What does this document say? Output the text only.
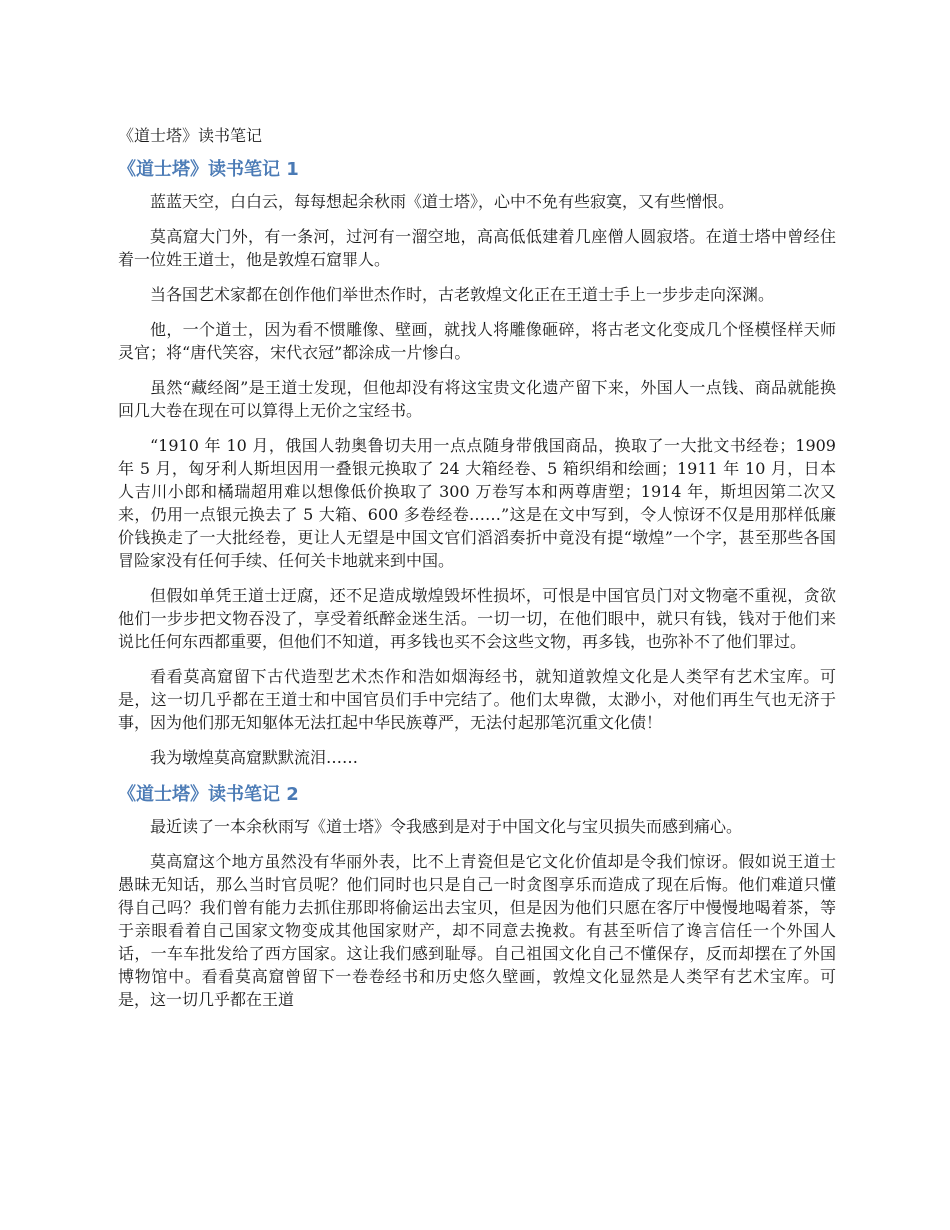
《道士塔》读书笔记
《道士塔》读书笔记 1

蓝蓝天空，白白云，每每想起余秋雨《道士塔》，心中不免有些寂寞，又有些憎恨。

莫高窟大门外，有一条河，过河有一溜空地，高高低低建着几座僧人圆寂塔。在道士塔中曾经住着一位姓王道士，他是敦煌石窟罪人。

当各国艺术家都在创作他们举世杰作时，古老敦煌文化正在王道士手上一步步走向深渊。

他，一个道士，因为看不惯雕像、壁画，就找人将雕像砸碎，将古老文化变成几个怪模怪样天师灵官；将“唐代笑容，宋代衣冠”都涂成一片惨白。

虽然“藏经阁”是王道士发现，但他却没有将这宝贵文化遗产留下来，外国人一点钱、商品就能换回几大卷在现在可以算得上无价之宝经书。

“1910 年 10 月，俄国人勃奥鲁切夫用一点点随身带俄国商品，换取了一大批文书经卷；1909 年 5 月，匈牙利人斯坦因用一叠银元换取了 24 大箱经卷、5 箱织绢和绘画；1911 年 10 月，日本人吉川小郎和橘瑞超用难以想像低价换取了 300 万卷写本和两尊唐塑；1914 年，斯坦因第二次又来，仍用一点银元换去了 5 大箱、600 多卷经卷……”这是在文中写到，令人惊讶不仅是用那样低廉价钱换走了一大批经卷，更让人无望是中国文官们滔滔奏折中竟没有提“墩煌”一个字，甚至那些各国冒险家没有任何手续、任何关卡地就来到中国。

但假如单凭王道士迂腐，还不足造成墩煌毁坏性损坏，可恨是中国官员门对文物毫不重视，贪欲他们一步步把文物吞没了，享受着纸醉金迷生活。一切一切，在他们眼中，就只有钱，钱对于他们来说比任何东西都重要，但他们不知道，再多钱也买不会这些文物，再多钱，也弥补不了他们罪过。

看看莫高窟留下古代造型艺术杰作和浩如烟海经书，就知道敦煌文化是人类罕有艺术宝库。可是，这一切几乎都在王道士和中国官员们手中完结了。他们太卑微，太渺小，对他们再生气也无济于事，因为他们那无知躯体无法扛起中华民族尊严，无法付起那笔沉重文化债！

我为墩煌莫高窟默默流泪……

《道士塔》读书笔记 2

最近读了一本余秋雨写《道士塔》令我感到是对于中国文化与宝贝损失而感到痛心。

莫高窟这个地方虽然没有华丽外表，比不上青瓷但是它文化价值却是令我们惊讶。假如说王道士愚昧无知话，那么当时官员呢？他们同时也只是自己一时贪图享乐而造成了现在后悔。他们难道只懂得自己吗？我们曾有能力去抓住那即将偷运出去宝贝，但是因为他们只愿在客厅中慢慢地喝着茶，等于亲眼看着自己国家文物变成其他国家财产，却不同意去挽救。有甚至听信了谗言信任一个外国人话，一车车批发给了西方国家。这让我们感到耻辱。自己祖国文化自己不懂保存，反而却摆在了外国博物馆中。看看莫高窟曾留下一卷卷经书和历史悠久壁画，敦煌文化显然是人类罕有艺术宝库。可是，这一切几乎都在王道
